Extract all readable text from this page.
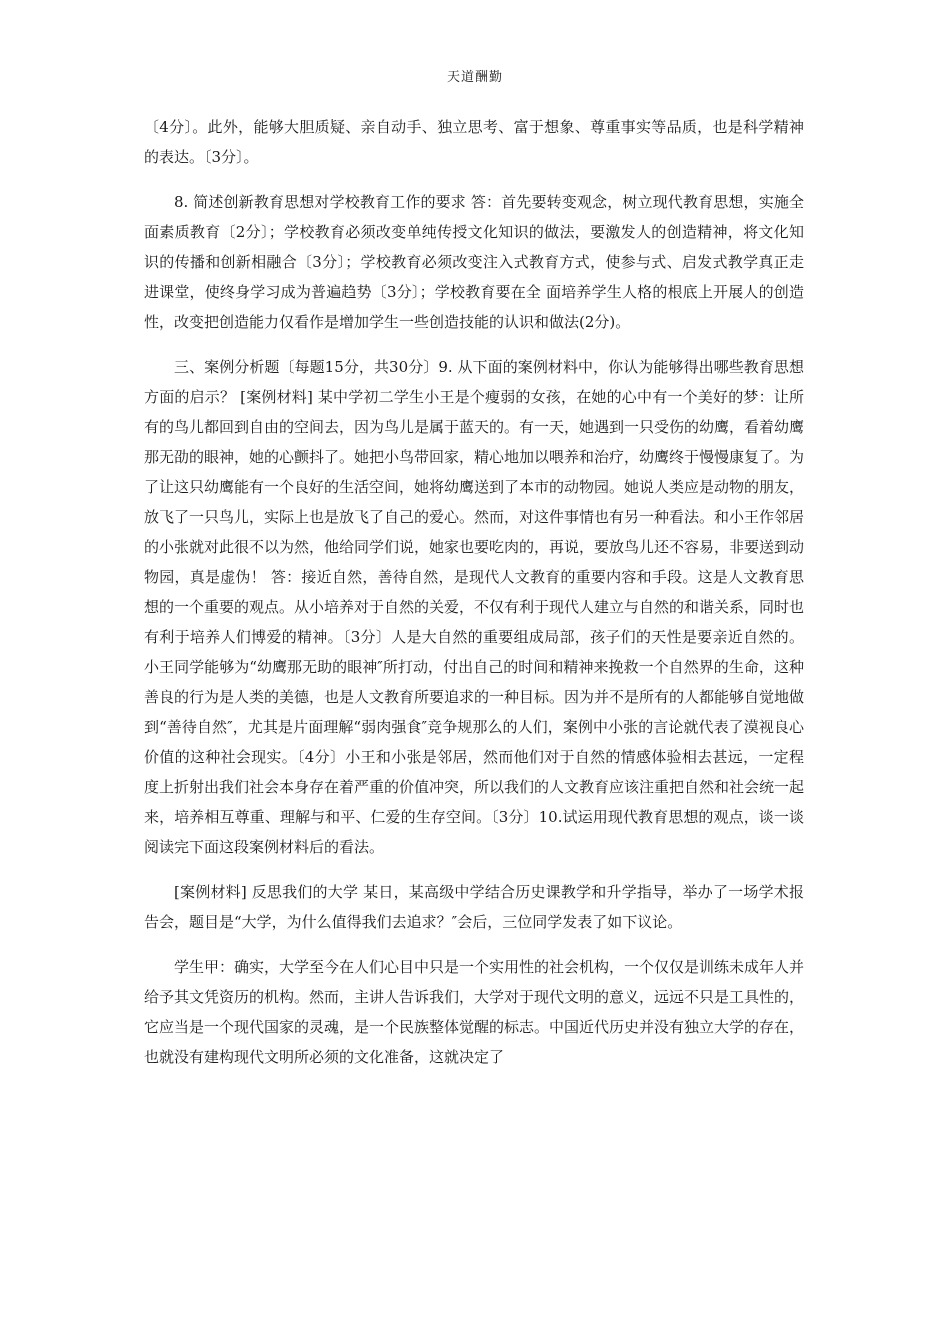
天道酬勤

〔4分〕。此外，能够大胆质疑、亲自动手、独立思考、富于想象、尊重事实等品质，也是科学精神的表达。〔3分〕。

8. 简述创新教育思想对学校教育工作的要求 答：首先要转变观念，树立现代教育思想，实施全面素质教育〔2分〕；学校教育必须改变单纯传授文化知识的做法，要激发人的创造精神，将文化知识的传播和创新相融合〔3分〕；学校教育必须改变注入式教育方式，使参与式、启发式教学真正走进课堂，使终身学习成为普遍趋势〔3分〕；学校教育要在全 面培养学生人格的根底上开展人的创造性，改变把创造能力仅看作是增加学生一些创造技能的认识和做法(2分)。

三、案例分析题〔每题15分，共30分〕9. 从下面的案例材料中，你认为能够得出哪些教育思想方面的启示？ [案例材料] 某中学初二学生小王是个瘦弱的女孩，在她的心中有一个美好的梦：让所有的鸟儿都回到自由的空间去，因为鸟儿是属于蓝天的。有一天，她遇到一只受伤的幼鹰，看着幼鹰那无劭的眼神，她的心颤抖了。她把小鸟带回家，精心地加以喂养和治疗，幼鹰终于慢慢康复了。为了让这只幼鹰能有一个良好的生活空间，她将幼鹰送到了本市的动物园。她说人类应是动物的朋友，放飞了一只鸟儿，实际上也是放飞了自己的爱心。然而，对这件事情也有另一种看法。和小王作邻居的小张就对此很不以为然，他给同学们说，她家也要吃肉的，再说，要放鸟儿还不容易，非要送到动物园，真是虚伪！ 答：接近自然，善待自然，是现代人文教育的重要内容和手段。这是人文教育思想的一个重要的观点。从小培养对于自然的关爱，不仅有利于现代人建立与自然的和谐关系，同时也有利于培养人们博爱的精神。〔3分〕人是大自然的重要组成局部，孩子们的天性是要亲近自然的。小王同学能够为“幼鹰那无助的眼神″所打动，付出自己的时间和精神来挽救一个自然界的生命，这种善良的行为是人类的美德，也是人文教育所要追求的一种目标。因为并不是所有的人都能够自觉地做到“善待自然″，尤其是片面理解“弱肉强食″竞争规那么的人们，案例中小张的言论就代表了漠视良心价值的这种社会现实。〔4分〕小王和小张是邻居，然而他们对于自然的情感体验相去甚远，一定程度上折射出我们社会本身存在着严重的价值冲突，所以我们的人文教育应该注重把自然和社会统一起来，培养相互尊重、理解与和平、仁爱的生存空间。〔3分〕10.试运用现代教育思想的观点，谈一谈阅读完下面这段案例材料后的看法。

[案例材料] 反思我们的大学 某日，某高级中学结合历史课教学和升学指导，举办了一场学术报告会，题目是“大学，为什么值得我们去追求？″会后，三位同学发表了如下议论。

学生甲：确实，大学至今在人们心目中只是一个实用性的社会机构，一个仅仅是训练未成年人并给予其文凭资历的机构。然而，主讲人告诉我们，大学对于现代文明的意义，远远不只是工具性的，它应当是一个现代国家的灵魂，是一个民族整体觉醒的标志。中国近代历史并没有独立大学的存在，也就没有建构现代文明所必须的文化准备，这就决定了
